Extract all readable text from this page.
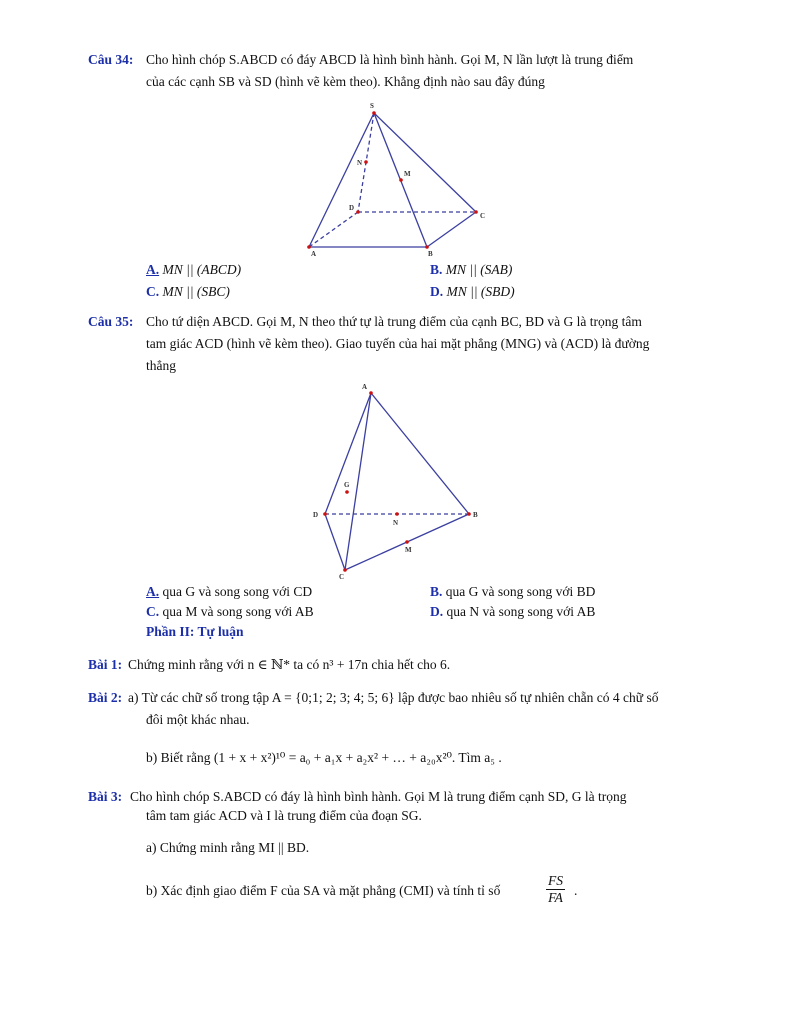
Câu 34: Cho hình chóp S.ABCD có đáy ABCD là hình bình hành. Gọi M, N lần lượt là trung điểm
của các cạnh SB và SD (hình vẽ kèm theo). Khẳng định nào sau đây đúng
S
N
M
D
C
A	B
A. MN || (ABCD)	B. MN || (SAB)
C. MN || (SBC)	D. MN || (SBD)
Câu 35: Cho tứ diện ABCD. Gọi M, N theo thứ tự là trung điểm của cạnh BC, BD và G là trọng tâm
tam giác ACD (hình vẽ kèm theo). Giao tuyến của hai mặt phẳng (MNG) và (ACD) là đường
thẳng
A
G
D
N
B
M
C
A. qua G và song song với CD	B. qua G và song song với BD
C. qua M và song song với AB	D. qua N và song song với AB
Phần II: Tự luận
Bài 1: Chứng minh rằng với n ∈ ℕ* ta có n³ + 17n chia hết cho 6.
Bài 2: a) Từ các chữ số trong tập A = {0;1; 2; 3; 4; 5; 6} lập được bao nhiêu số tự nhiên chẵn có 4 chữ số
đôi một khác nhau.
b) Biết rằng (1 + x + x²)¹⁰ = a₀ + a₁x + a₂x² + … + a₂₀x²⁰. Tìm a₅ .
Bài 3: Cho hình chóp S.ABCD có đáy là hình bình hành. Gọi M là trung điểm cạnh SD, G là trọng
tâm tam giác ACD và I là trung điểm của đoạn SG.
a) Chứng minh rằng MI || BD.
b) Xác định giao điểm F của SA và mặt phẳng (CMI) và tính tỉ số	$\frac{FS}{FA}$ .
